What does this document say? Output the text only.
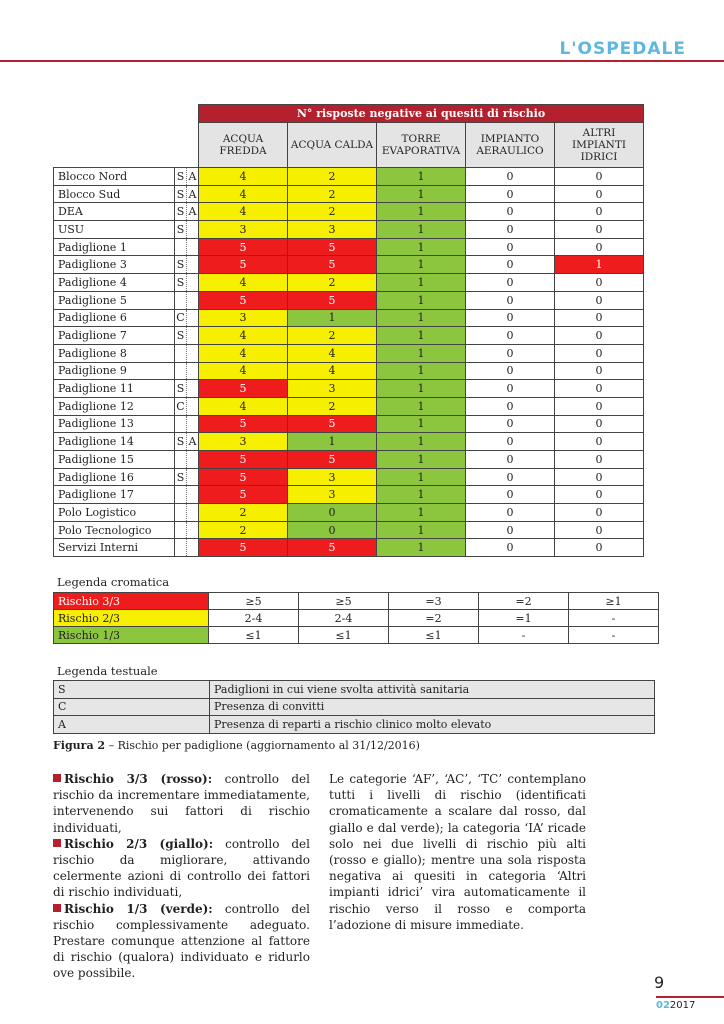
L'OSPEDALE
			N° risposte negative ai quesiti di rischio				
			ACQUA FREDDA	ACQUA CALDA	TORRE EVAPORATIVA	IMPIANTO AERAULICO	ALTRI IMPIANTI IDRICI
Blocco Nord	S	A	4	2	1	0	0
Blocco Sud	S	A	4	2	1	0	0
DEA	S	A	4	2	1	0	0
USU	S		3	3	1	0	0
Padiglione 1			5	5	1	0	0
Padiglione 3	S		5	5	1	0	1
Padiglione 4	S		4	2	1	0	0
Padiglione 5			5	5	1	0	0
Padiglione 6	C		3	1	1	0	0
Padiglione 7	S		4	2	1	0	0
Padiglione 8			4	4	1	0	0
Padiglione 9			4	4	1	0	0
Padiglione 11	S		5	3	1	0	0
Padiglione 12	C		4	2	1	0	0
Padiglione 13			5	5	1	0	0
Padiglione 14	S	A	3	1	1	0	0
Padiglione 15			5	5	1	0	0
Padiglione 16	S		5	3	1	0	0
Padiglione 17			5	3	1	0	0
Polo Logistico			2	0	1	0	0
Polo Tecnologico			2	0	1	0	0
Servizi Interni			5	5	1	0	0
Legenda cromatica
Rischio 3/3	≥5	≥5	=3	=2	≥1
Rischio 2/3	2-4	2-4	=2	=1	-
Rischio 1/3	≤1	≤1	≤1	-	-
Legenda testuale
S	Padiglioni in cui viene svolta attività sanitaria
C	Presenza di convitti
A	Presenza di reparti a rischio clinico molto elevato
Figura 2 – Rischio per padiglione (aggiornamento al 31/12/2016)

Rischio 3/3 (rosso): controllo del rischio da incrementare immediatamente, intervenendo sui fattori di rischio individuati,

Rischio 2/3 (giallo): controllo del rischio da migliorare, attivando celermente azioni di controllo dei fattori di rischio individuati,

Rischio 1/3 (verde): controllo del rischio complessivamente adeguato. Prestare comunque attenzione al fattore di rischio (qualora) individuato e ridurlo ove possibile.

Le categorie ‘AF’, ‘AC’, ‘TC’ contemplano tutti i livelli di rischio (identificati cromaticamente a scalare dal rosso, dal giallo e dal verde); la categoria ‘IA’ ricade solo nei due livelli di rischio più alti (rosso e giallo); mentre una sola risposta negativa ai quesiti in categoria ‘Altri impianti idrici’ vira automaticamente il rischio verso il rosso e comporta l’adozione di misure immediate.

9
022017
